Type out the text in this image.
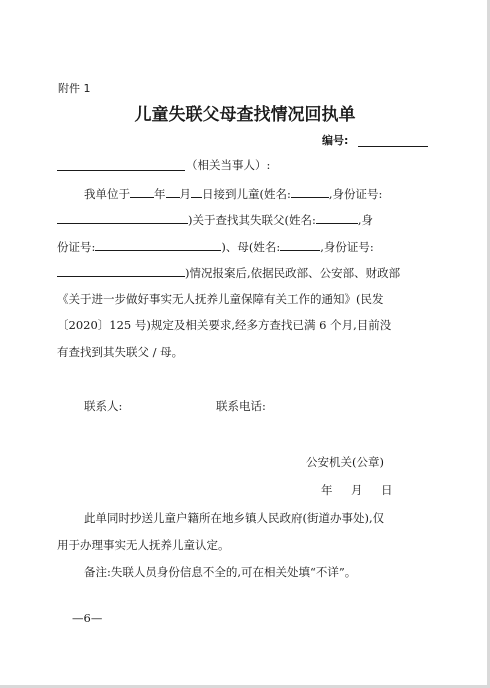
附件 1
儿童失联父母查找情况回执单
编号:
（相关当事人）:
我单位于 年 月 日接到儿童(姓名:	,身份证号:
)关于查找其失联父(姓名:	,身
份证号:	)、母(姓名:	,身份证号:
)情况报案后,依据民政部、公安部、财政部
《关于进一步做好事实无人抚养儿童保障有关工作的通知》(民发
〔2020〕125 号)规定及相关要求,经多方查找已满 6 个月,目前没
有查找到其失联父 / 母。
联系人:	联系电话:
公安机关(公章)
年 月 日
此单同时抄送儿童户籍所在地乡镇人民政府(街道办事处),仅
用于办理事实无人抚养儿童认定。
备注:失联人员身份信息不全的,可在相关处填“不详”。
—6—
